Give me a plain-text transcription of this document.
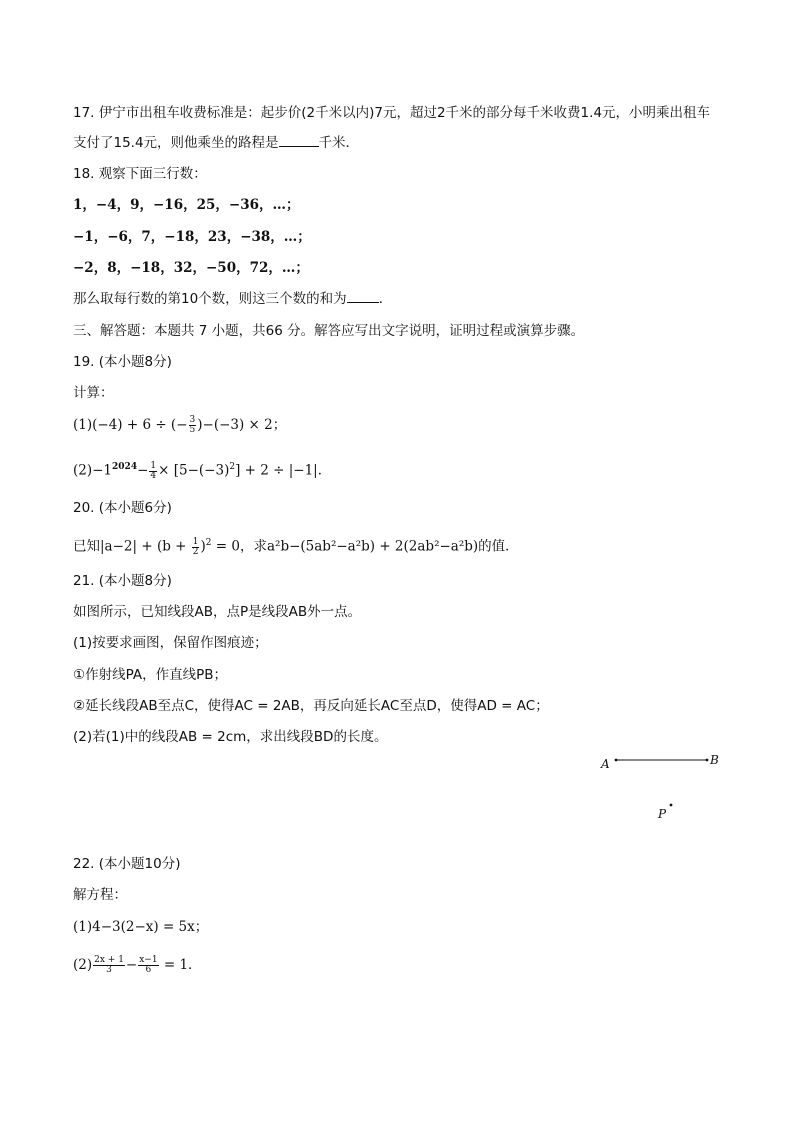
17. 伊宁市出租车收费标准是：起步价(2千米以内)7元，超过2千米的部分每千米收费1.4元，小明乘出租车
支付了15.4元，则他乘坐的路程是	千米．
18. 观察下面三行数：
1，−4，9，−16，25，−36，…；
−1，−6，7，−18，23，−38，…；
−2，8，−18，32，−50，72，…；
那么取每行数的第10个数，则这三个数的和为 ．
三、解答题：本题共 7 小题，共66 分。解答应写出文字说明，证明过程或演算步骤。
19. (本小题8分)
计算：
(1)(−4) + 6 ÷ (− $\frac{3}{5} )-(-3) \times 2$；
$(2)-1^{2024}- \frac{1}{4} \times [5-(-3)^2] + 2 \div |-1|$．
20. (本小题6分)
已知$|a-2| + (b + \frac{1}{2} )^2 = 0$，求a²b−(5ab²−a²b) + 2(2ab²−a²b)的值．
21. (本小题8分)
如图所示，已知线段AB，点P是线段AB外一点。
(1)按要求画图，保留作图痕迹；
①作射线PA，作直线PB；
②延长线段AB至点C，使得AC = 2AB，再反向延长AC至点D，使得AD = AC；
(2)若(1)中的线段AB = 2cm，求出线段BD的长度。
A	B
P
22. (本小题10分)
解方程：
(1)4−3(2−x) = 5x；
$(2) \frac{2x + 1}{3} - \frac{x-1}{6} = 1$．
